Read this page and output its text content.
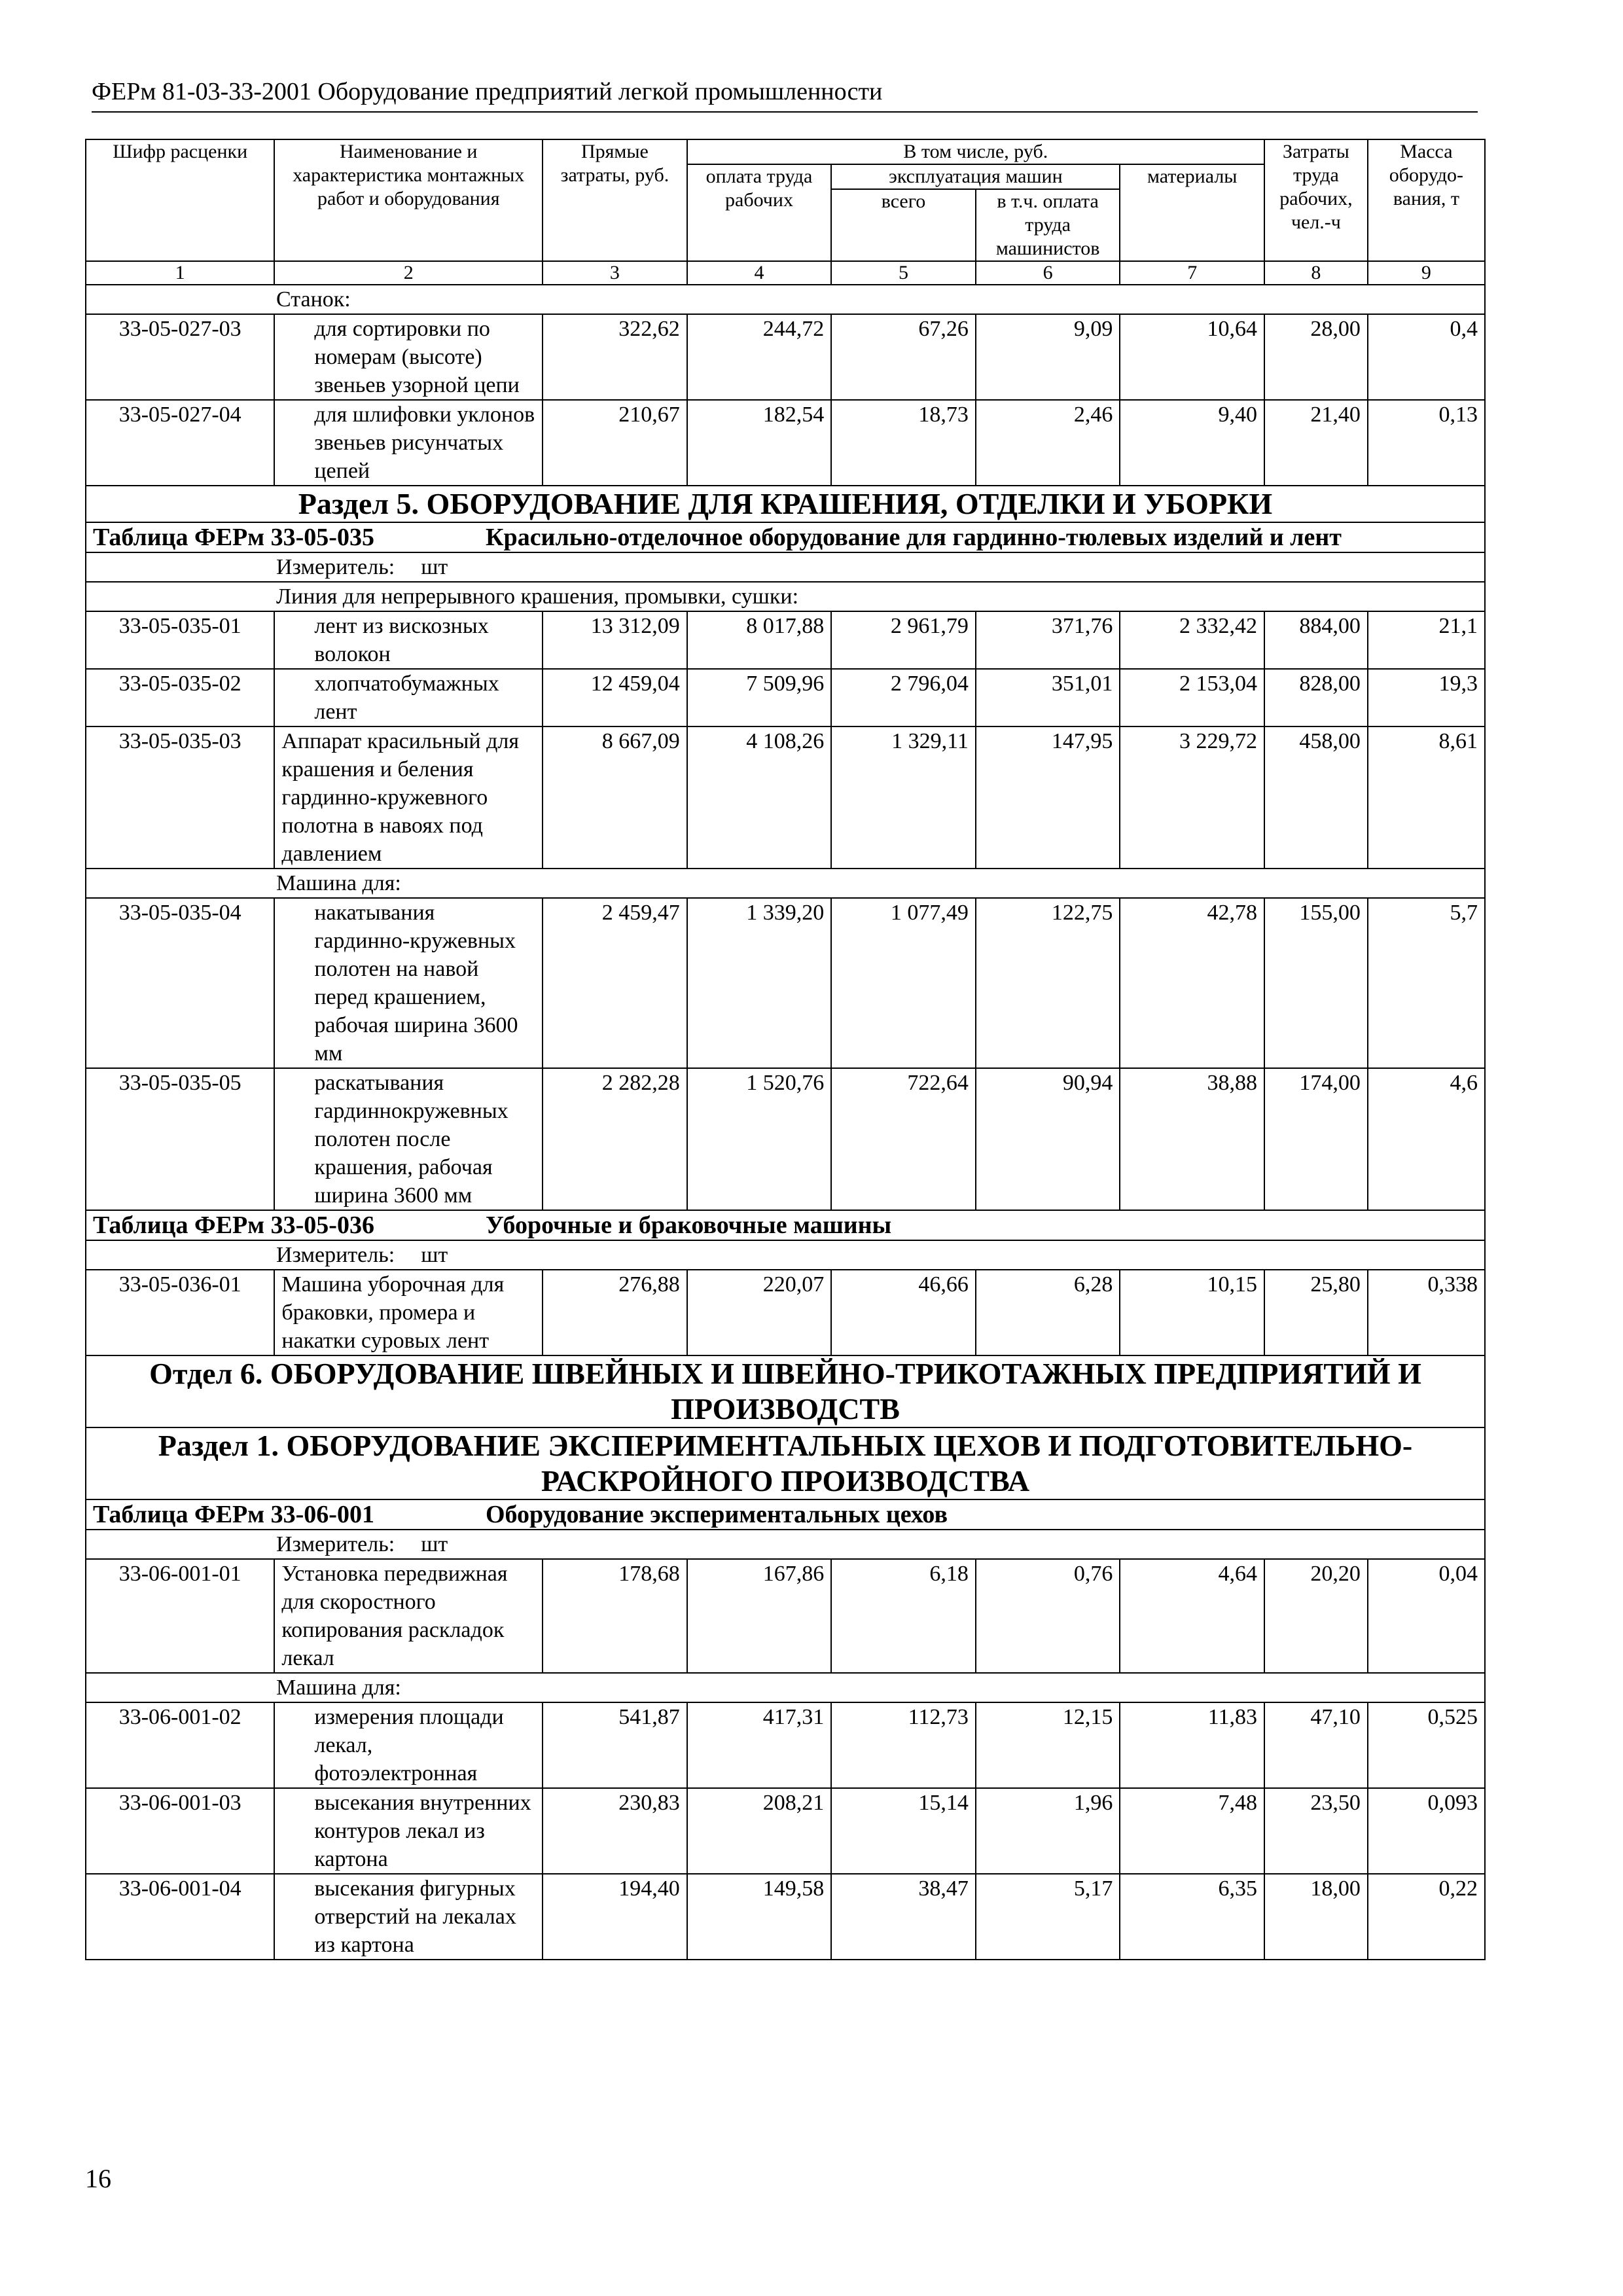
ФЕРм 81-03-33-2001 Оборудование предприятий легкой промышленности
Шифр расценки	Наименование и характеристика монтажных работ и оборудования	Прямые затраты, руб.	В том числе, руб.				Затраты труда рабочих, чел.-ч	Масса оборудо-вания, т
			оплата труда рабочих	эксплуатация машин		материалы		
				всего	в т.ч. оплата труда машинистов			
1	2	3	4	5	6	7	8	9
Станок:								
33-05-027-03	для сортировки по номерам (высоте) звеньев узорной цепи	322,62	244,72	67,26	9,09	10,64	28,00	0,4
33-05-027-04	для шлифовки уклонов звеньев рисунчатых цепей	210,67	182,54	18,73	2,46	9,40	21,40	0,13
Раздел 5. ОБОРУДОВАНИЕ ДЛЯ КРАШЕНИЯ, ОТДЕЛКИ И УБОРКИ								
Таблица ФЕРм 33-05-035 Красильно-отделочное оборудование для гардинно-тюлевых изделий и лент								
Измеритель: шт								
Линия для непрерывного крашения, промывки, сушки:								
33-05-035-01	лент из вискозных волокон	13 312,09	8 017,88	2 961,79	371,76	2 332,42	884,00	21,1
33-05-035-02	хлопчатобумажных лент	12 459,04	7 509,96	2 796,04	351,01	2 153,04	828,00	19,3
33-05-035-03	Аппарат красильный для крашения и беления гардинно-кружевного полотна в навоях под давлением	8 667,09	4 108,26	1 329,11	147,95	3 229,72	458,00	8,61
Машина для:								
33-05-035-04	накатывания гардинно-кружевных полотен на навой перед крашением, рабочая ширина 3600 мм	2 459,47	1 339,20	1 077,49	122,75	42,78	155,00	5,7
33-05-035-05	раскатывания гардиннокружевных полотен после крашения, рабочая ширина 3600 мм	2 282,28	1 520,76	722,64	90,94	38,88	174,00	4,6
Таблица ФЕРм 33-05-036 Уборочные и браковочные машины								
Измеритель: шт								
33-05-036-01	Машина уборочная для браковки, промера и накатки суровых лент	276,88	220,07	46,66	6,28	10,15	25,80	0,338
Отдел 6. ОБОРУДОВАНИЕ ШВЕЙНЫХ И ШВЕЙНО-ТРИКОТАЖНЫХ ПРЕДПРИЯТИЙ И ПРОИЗВОДСТВ								
Раздел 1. ОБОРУДОВАНИЕ ЭКСПЕРИМЕНТАЛЬНЫХ ЦЕХОВ И ПОДГОТОВИТЕЛЬНО-РАСКРОЙНОГО ПРОИЗВОДСТВА								
Таблица ФЕРм 33-06-001 Оборудование экспериментальных цехов								
Измеритель: шт								
33-06-001-01	Установка передвижная для скоростного копирования раскладок лекал	178,68	167,86	6,18	0,76	4,64	20,20	0,04
Машина для:								
33-06-001-02	измерения площади лекал, фотоэлектронная	541,87	417,31	112,73	12,15	11,83	47,10	0,525
33-06-001-03	высекания внутренних контуров лекал из картона	230,83	208,21	15,14	1,96	7,48	23,50	0,093
33-06-001-04	высекания фигурных отверстий на лекалах из картона	194,40	149,58	38,47	5,17	6,35	18,00	0,22
16
